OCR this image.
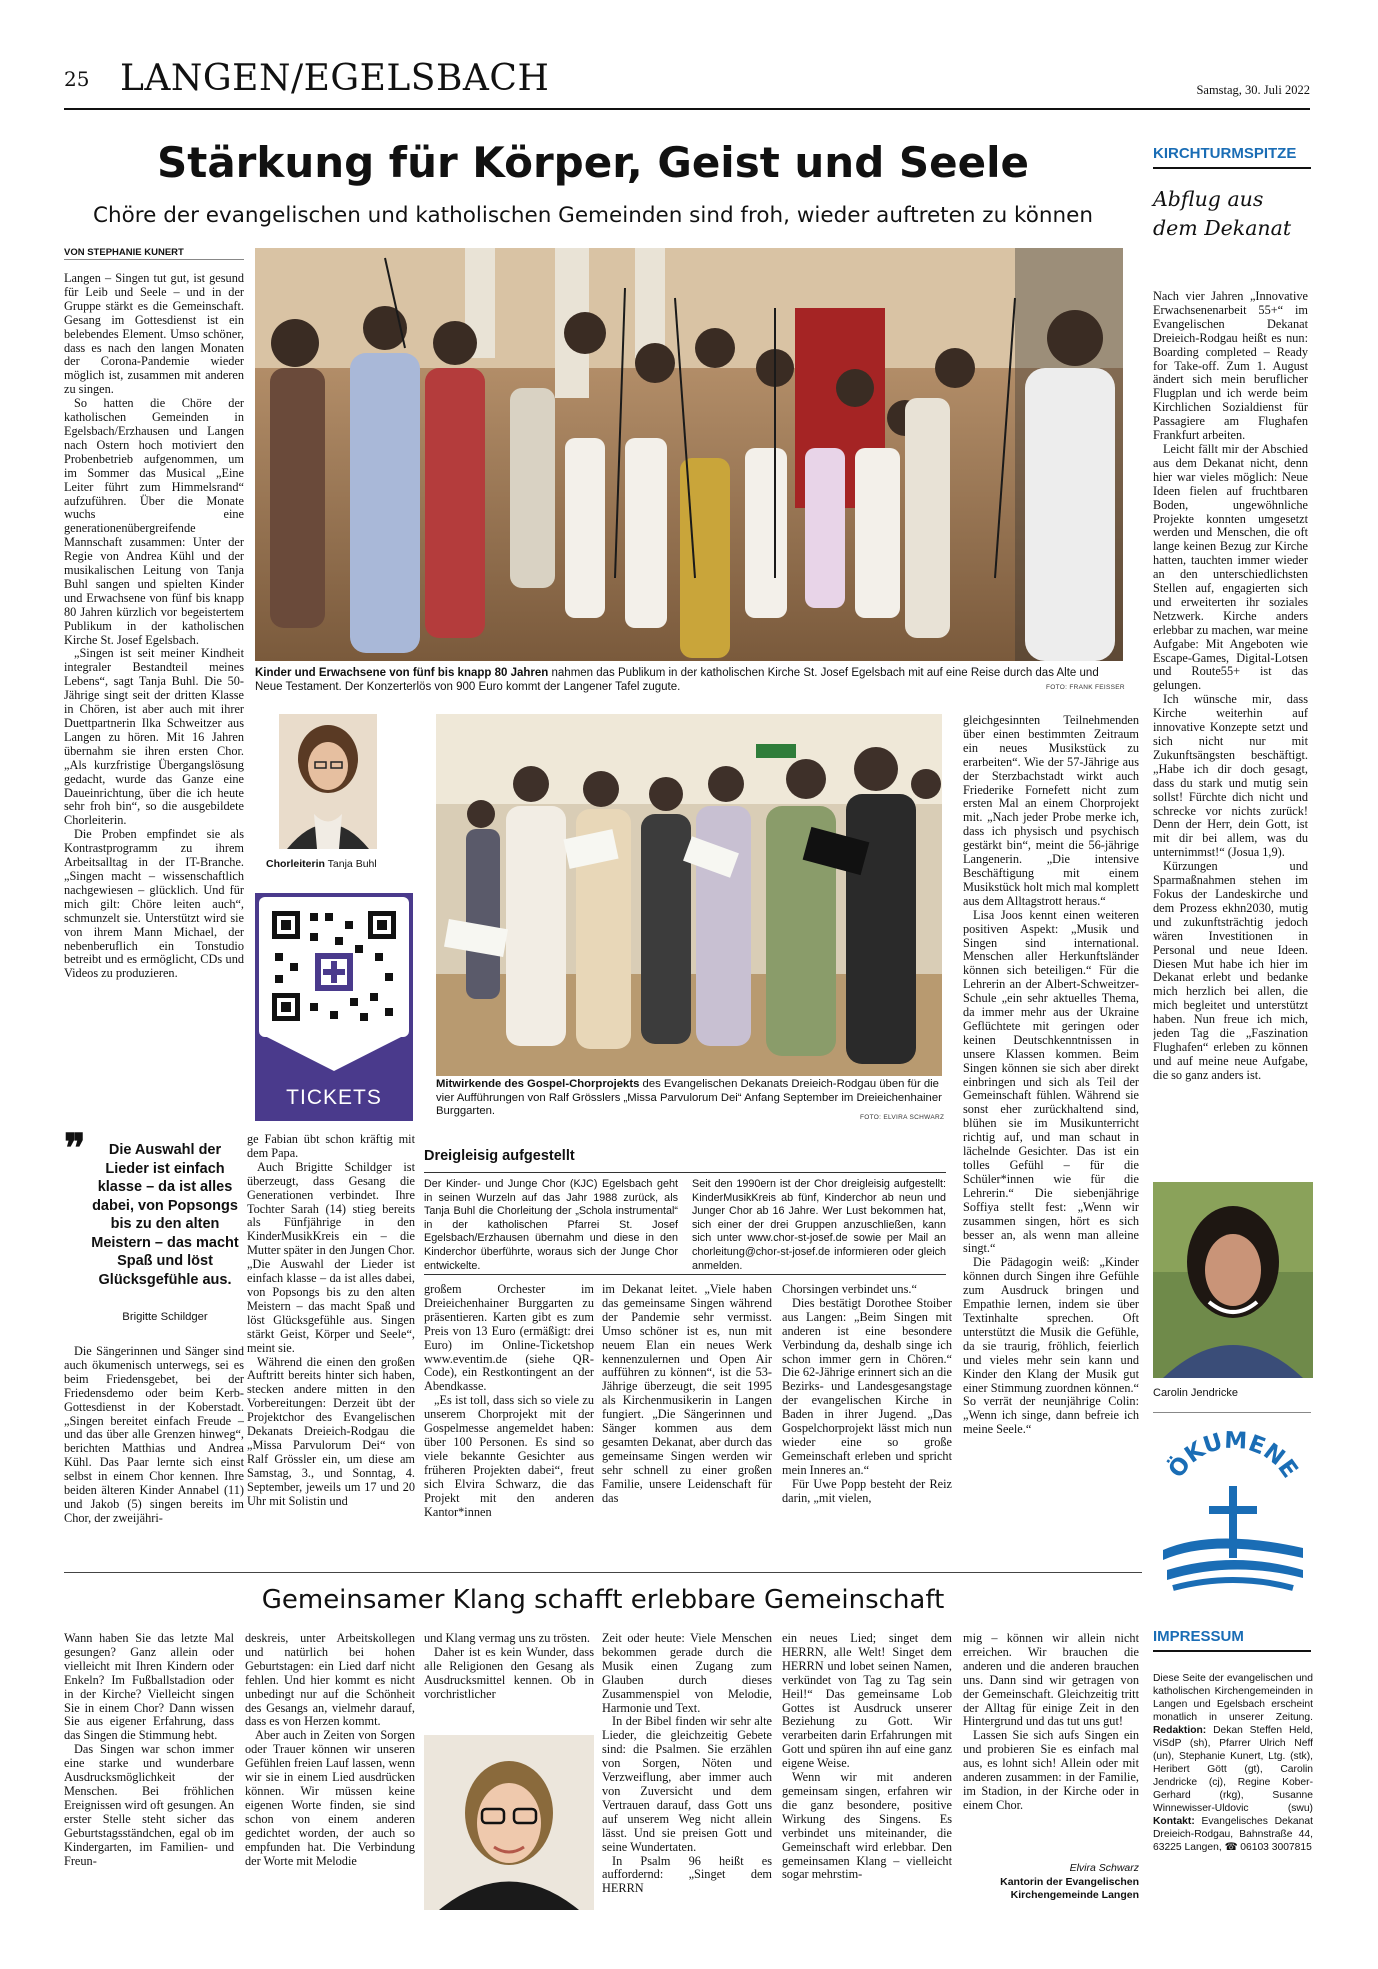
25 LANGEN/EGELSBACH	Samstag, 30. Juli 2022
Stärkung für Körper, Geist und Seele
Chöre der evangelischen und katholischen Gemeinden sind froh, wieder auftreten zu können
VON STEPHANIE KUNERT
Kinder und Erwachsene von fünf bis knapp 80 Jahren nahmen das Publikum in der katholischen Kirche St. Josef Egelsbach mit auf eine Reise durch das Alte und Neue Testament. Der Konzerterlös von 900 Euro kommt der Langener Tafel zugute.	FOTO: FRANK FEISSER

Langen – Singen tut gut, ist gesund für Leib und Seele – und in der Gruppe stärkt es die Gemeinschaft. Gesang im Gottesdienst ist ein belebendes Element. Umso schöner, dass es nach den langen Monaten der Corona-Pandemie wieder möglich ist, zusammen mit anderen zu singen.

So hatten die Chöre der katholischen Gemeinden in Egelsbach/Erzhausen und Langen nach Ostern hoch motiviert den Probenbetrieb aufgenommen, um im Sommer das Musical „Eine Leiter führt zum Himmelsrand“ aufzuführen. Über die Monate wuchs eine generationenübergreifende Mannschaft zusammen: Unter der Regie von Andrea Kühl und der musikalischen Leitung von Tanja Buhl sangen und spielten Kinder und Erwachsene von fünf bis knapp 80 Jahren kürzlich vor begeistertem Publikum in der katholischen Kirche St. Josef Egelsbach.

„Singen ist seit meiner Kindheit integraler Bestandteil meines Lebens“, sagt Tanja Buhl. Die 50-Jährige singt seit der dritten Klasse in Chören, ist aber auch mit ihrer Duettpartnerin Ilka Schweitzer aus Langen zu hören. Mit 16 Jahren übernahm sie ihren ersten Chor. „Als kurzfristige Übergangslösung gedacht, wurde das Ganze eine Daueinrichtung, über die ich heute sehr froh bin“, so die ausgebildete Chorleiterin.

Die Proben empfindet sie als Kontrastprogramm zu ihrem Arbeitsalltag in der IT-Branche. „Singen macht – wissenschaftlich nachgewiesen – glücklich. Und für mich gilt: Chöre leiten auch“, schmunzelt sie. Unterstützt wird sie von ihrem Mann Michael, der nebenberuflich ein Tonstudio betreibt und es ermöglicht, CDs und Videos zu produzieren.

Chorleiterin Tanja Buhl
TICKETS
Mitwirkende des Gospel-Chorprojekts des Evangelischen Dekanats Dreieich-Rodgau üben für die vier Aufführungen von Ralf Grösslers „Missa Parvulorum Dei“ Anfang September im Dreieichenhainer Burggarten.
FOTO: ELVIRA SCHWARZ

gleichgesinnten Teilnehmenden über einen bestimmten Zeitraum ein neues Musikstück zu erarbeiten“. Wie der 57-Jährige aus der Sterzbachstadt wirkt auch Friederike Fornefett nicht zum ersten Mal an einem Chorprojekt mit. „Nach jeder Probe merke ich, dass ich physisch und psychisch gestärkt bin“, meint die 56-jährige Langenerin. „Die intensive Beschäftigung mit einem Musikstück holt mich mal komplett aus dem Alltagstrott heraus.“

Lisa Joos kennt einen weiteren positiven Aspekt: „Musik und Singen sind international. Menschen aller Herkunftsländer können sich beteiligen.“ Für die Lehrerin an der Albert-Schweitzer-Schule „ein sehr aktuelles Thema, da immer mehr aus der Ukraine Geflüchtete mit geringen oder keinen Deutschkenntnissen in unsere Klassen kommen. Beim Singen können sie sich aber direkt einbringen und sich als Teil der Gemeinschaft fühlen. Während sie sonst eher zurückhaltend sind, blühen sie im Musikunterricht richtig auf, und man schaut in lächelnde Gesichter. Das ist ein tolles Gefühl – für die Schüler*innen wie für die Lehrerin.“ Die siebenjährige Soffiya stellt fest: „Wenn wir zusammen singen, hört es sich besser an, als wenn man alleine singt.“

Die Pädagogin weiß: „Kinder können durch Singen ihre Gefühle zum Ausdruck bringen und Empathie lernen, indem sie über Textinhalte sprechen. Oft unterstützt die Musik die Gefühle, da sie traurig, fröhlich, feierlich und vieles mehr sein kann und Kinder den Klang der Musik gut einer Stimmung zuordnen können.“ So verrät der neunjährige Colin: „Wenn ich singe, dann befreie ich meine Seele.“

❞	Die Auswahl der Lieder ist einfach klasse – da ist alles dabei, von Popsongs bis zu den alten Meistern – das macht Spaß und löst Glücksgefühle aus.
Brigitte Schildger

Die Sängerinnen und Sänger sind auch ökumenisch unterwegs, sei es beim Friedensgebet, bei der Friedensdemo oder beim Kerb-Gottesdienst in der Koberstadt. „Singen bereitet einfach Freude – und das über alle Grenzen hinweg“, berichten Matthias und Andrea Kühl. Das Paar lernte sich einst selbst in einem Chor kennen. Ihre beiden älteren Kinder Annabel (11) und Jakob (5) singen bereits im Chor, der zweijähri-

ge Fabian übt schon kräftig mit dem Papa.

Auch Brigitte Schildger ist überzeugt, dass Gesang die Generationen verbindet. Ihre Tochter Sarah (14) stieg bereits als Fünfjährige in den KinderMusikKreis ein – die Mutter später in den Jungen Chor. „Die Auswahl der Lieder ist einfach klasse – da ist alles dabei, von Popsongs bis zu den alten Meistern – das macht Spaß und löst Glücksgefühle aus. Singen stärkt Geist, Körper und Seele“, meint sie.

Während die einen den großen Auftritt bereits hinter sich haben, stecken andere mitten in den Vorbereitungen: Derzeit übt der Projektchor des Evangelischen Dekanats Dreieich-Rodgau die „Missa Parvulorum Dei“ von Ralf Grössler ein, um diese am Samstag, 3., und Sonntag, 4. September, jeweils um 17 und 20 Uhr mit Solistin und

Dreigleisig aufgestellt
Der Kinder- und Junge Chor (KJC) Egelsbach geht in seinen Wurzeln auf das Jahr 1988 zurück, als Tanja Buhl die Chorleitung der „Schola instrumental“ in der katholischen Pfarrei St. Josef Egelsbach/Erzhausen übernahm und diese in den Kinderchor überführte, woraus sich der Junge Chor entwickelte.
Seit den 1990ern ist der Chor dreigleisig aufgestellt: KinderMusikKreis ab fünf, Kinderchor ab neun und Junger Chor ab 16 Jahre. Wer Lust bekommen hat, sich einer der drei Gruppen anzuschließen, kann sich unter www.chor-st-josef.de sowie per Mail an chorleitung@chor-st-josef.de informieren oder gleich anmelden.

großem Orchester im Dreieichenhainer Burggarten zu präsentieren. Karten gibt es zum Preis von 13 Euro (ermäßigt: drei Euro) im Online-Ticketshop www.eventim.de (siehe QR-Code), ein Restkontingent an der Abendkasse.

„Es ist toll, dass sich so viele zu unserem Chorprojekt mit der Gospelmesse angemeldet haben: über 100 Personen. Es sind so viele bekannte Gesichter aus früheren Projekten dabei“, freut sich Elvira Schwarz, die das Projekt mit den anderen Kantor*innen

im Dekanat leitet. „Viele haben das gemeinsame Singen während der Pandemie sehr vermisst. Umso schöner ist es, nun mit neuem Elan ein neues Werk kennenzulernen und Open Air aufführen zu können“, ist die 53-Jährige überzeugt, die seit 1995 als Kirchenmusikerin in Langen fungiert. „Die Sängerinnen und Sänger kommen aus dem gesamten Dekanat, aber durch das gemeinsame Singen werden wir sehr schnell zu einer großen Familie, unsere Leidenschaft für das

Chorsingen verbindet uns.“

Dies bestätigt Dorothee Stoiber aus Langen: „Beim Singen mit anderen ist eine besondere Verbindung da, deshalb singe ich schon immer gern in Chören.“ Die 62-Jährige erinnert sich an die Bezirks- und Landesgesangstage der evangelischen Kirche in Baden in ihrer Jugend. „Das Gospelchorprojekt lässt mich nun wieder eine so große Gemeinschaft erleben und spricht mein Inneres an.“

Für Uwe Popp besteht der Reiz darin, „mit vielen,

KIRCHTURMSPITZE
Abflug aus dem Dekanat

Nach vier Jahren „Innovative Erwachsenenarbeit 55+“ im Evangelischen Dekanat Dreieich-Rodgau heißt es nun: Boarding completed – Ready for Take-off. Zum 1. August ändert sich mein beruflicher Flugplan und ich werde beim Kirchlichen Sozialdienst für Passagiere am Flughafen Frankfurt arbeiten.

Leicht fällt mir der Abschied aus dem Dekanat nicht, denn hier war vieles möglich: Neue Ideen fielen auf fruchtbaren Boden, ungewöhnliche Projekte konnten umgesetzt werden und Menschen, die oft lange keinen Bezug zur Kirche hatten, tauchten immer wieder an den unterschiedlichsten Stellen auf, engagierten sich und erweiterten ihr soziales Netzwerk. Kirche anders erlebbar zu machen, war meine Aufgabe: Mit Angeboten wie Escape-Games, Digital-Lotsen und Route55+ ist das gelungen.

Ich wünsche mir, dass Kirche weiterhin auf innovative Konzepte setzt und sich nicht nur mit Zukunftsängsten beschäftigt. „Habe ich dir doch gesagt, dass du stark und mutig sein sollst! Fürchte dich nicht und schrecke vor nichts zurück! Denn der Herr, dein Gott, ist mit dir bei allem, was du unternimmst!“ (Josua 1,9).

Kürzungen und Sparmaßnahmen stehen im Fokus der Landeskirche und dem Prozess ekhn2030, mutig und zukunftsträchtig jedoch wären Investitionen in Personal und neue Ideen. Diesen Mut habe ich hier im Dekanat erlebt und bedanke mich herzlich bei allen, die mich begleitet und unterstützt haben. Nun freue ich mich, jeden Tag die „Faszination Flughafen“ erleben zu können und auf meine neue Aufgabe, die so ganz anders ist.

Carolin Jendricke
ÖKUMENE
IMPRESSUM
Diese Seite der evangelischen und katholischen Kirchengemeinden in Langen und Egelsbach erscheint monatlich in unserer Zeitung. Redaktion: Dekan Steffen Held, ViSdP (sh), Pfarrer Ulrich Neff (un), Stephanie Kunert, Ltg. (stk), Heribert Gött (gt), Carolin Jendricke (cj), Regine Kober-Gerhard (rkg), Susanne Winnewisser-Uldovic (swu) Kontakt: Evangelisches Dekanat Dreieich-Rodgau, Bahnstraße 44, 63225 Langen, ☎ 06103 3007815
Gemeinsamer Klang schafft erlebbare Gemeinschaft

Wann haben Sie das letzte Mal gesungen? Ganz allein oder vielleicht mit Ihren Kindern oder Enkeln? Im Fußballstadion oder in der Kirche? Vielleicht singen Sie in einem Chor? Dann wissen Sie aus eigener Erfahrung, dass das Singen die Stimmung hebt.

Das Singen war schon immer eine starke und wunderbare Ausdrucksmöglichkeit der Menschen. Bei fröhlichen Ereignissen wird oft gesungen. An erster Stelle steht sicher das Geburtstagsständchen, egal ob im Kindergarten, im Familien- und Freun-

deskreis, unter Arbeitskollegen und natürlich bei hohen Geburtstagen: ein Lied darf nicht fehlen. Und hier kommt es nicht unbedingt nur auf die Schönheit des Gesangs an, vielmehr darauf, dass es von Herzen kommt.

Aber auch in Zeiten von Sorgen oder Trauer können wir unseren Gefühlen freien Lauf lassen, wenn wir sie in einem Lied ausdrücken können. Wir müssen keine eigenen Worte finden, sie sind schon von einem anderen gedichtet worden, der auch so empfunden hat. Die Verbindung der Worte mit Melodie

und Klang vermag uns zu trösten.

Daher ist es kein Wunder, dass alle Religionen den Gesang als Ausdrucksmittel kennen. Ob in vorchristlicher

Zeit oder heute: Viele Menschen bekommen gerade durch die Musik einen Zugang zum Glauben durch dieses Zusammenspiel von Melodie, Harmonie und Text.

In der Bibel finden wir sehr alte Lieder, die gleichzeitig Gebete sind: die Psalmen. Sie erzählen von Sorgen, Nöten und Verzweiflung, aber immer auch von Zuversicht und dem Vertrauen darauf, dass Gott uns auf unserem Weg nicht allein lässt. Und sie preisen Gott und seine Wundertaten.

In Psalm 96 heißt es auffordernd: „Singet dem HERRN

ein neues Lied; singet dem HERRN, alle Welt! Singet dem HERRN und lobet seinen Namen, verkündet von Tag zu Tag sein Heil!“ Das gemeinsame Lob Gottes ist Ausdruck unserer Beziehung zu Gott. Wir verarbeiten darin Erfahrungen mit Gott und spüren ihn auf eine ganz eigene Weise.

Wenn wir mit anderen gemeinsam singen, erfahren wir die ganz besondere, positive Wirkung des Singens. Es verbindet uns miteinander, die Gemeinschaft wird erlebbar. Den gemeinsamen Klang – vielleicht sogar mehrstim-

mig – können wir allein nicht erreichen. Wir brauchen die anderen und die anderen brauchen uns. Dann sind wir getragen von der Gemeinschaft. Gleichzeitig tritt der Alltag für einige Zeit in den Hintergrund und das tut uns gut!

Lassen Sie sich aufs Singen ein und probieren Sie es einfach mal aus, es lohnt sich! Allein oder mit anderen zusammen: in der Familie, im Stadion, in der Kirche oder in einem Chor.

Elvira Schwarz
Kantorin der Evangelischen Kirchengemeinde Langen
